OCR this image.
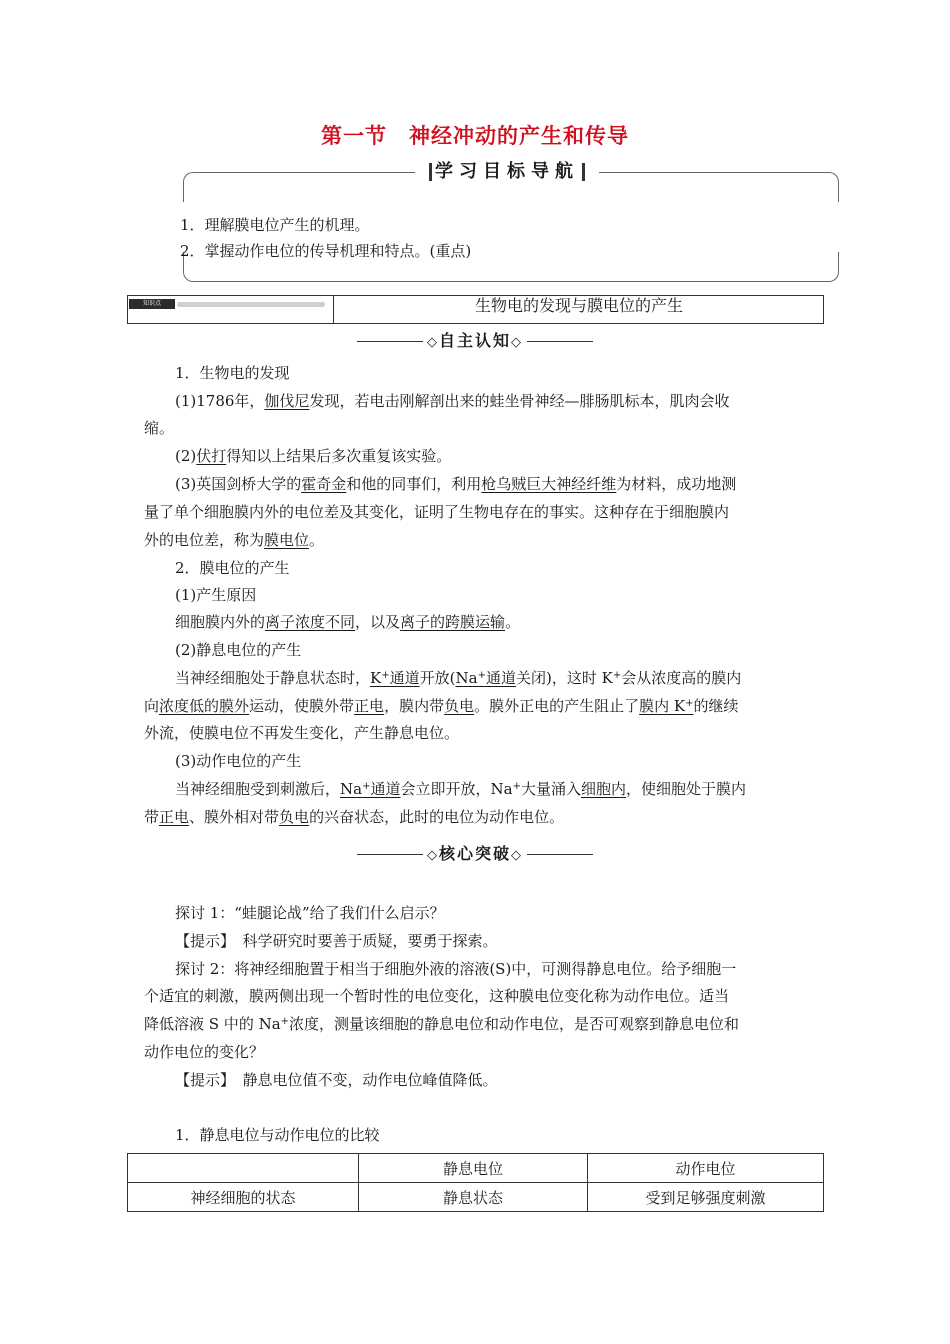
第一节　神经冲动的产生和传导
学习目标导航
1．理解膜电位产生的机理。
2．掌握动作电位的传导机理和特点。(重点)
知识点	生物电的发现与膜电位的产生
◇自主认知◇
1．生物电的发现
(1)1786年，伽伐尼发现，若电击刚解剖出来的蛙坐骨神经—腓肠肌标本，肌肉会收
缩。
(2)伏打得知以上结果后多次重复该实验。
(3)英国剑桥大学的霍奇金和他的同事们，利用枪乌贼巨大神经纤维为材料，成功地测
量了单个细胞膜内外的电位差及其变化，证明了生物电存在的事实。这种存在于细胞膜内
外的电位差，称为膜电位。
2．膜电位的产生
(1)产生原因
细胞膜内外的离子浓度不同，以及离子的跨膜运输。
(2)静息电位的产生
当神经细胞处于静息状态时，K+通道开放(Na+通道关闭)，这时 K+会从浓度高的膜内
向浓度低的膜外运动，使膜外带正电，膜内带负电。膜外正电的产生阻止了膜内 K+的继续
外流，使膜电位不再发生变化，产生静息电位。
(3)动作电位的产生
当神经细胞受到刺激后，Na+通道会立即开放，Na+大量涌入细胞内，使细胞处于膜内
带正电、膜外相对带负电的兴奋状态，此时的电位为动作电位。
◇核心突破◇
探讨 1：“蛙腿论战”给了我们什么启示？
【提示】　 科学研究时要善于质疑，要勇于探索。
探讨 2：将神经细胞置于相当于细胞外液的溶液(S)中，可测得静息电位。给予细胞一
个适宜的刺激，膜两侧出现一个暂时性的电位变化，这种膜电位变化称为动作电位。适当
降低溶液 S 中的 Na+浓度，测量该细胞的静息电位和动作电位，是否可观察到静息电位和
动作电位的变化？
【提示】　 静息电位值不变，动作电位峰值降低。
1．静息电位与动作电位的比较
	静息电位	动作电位
神经细胞的状态	静息状态	受到足够强度刺激
